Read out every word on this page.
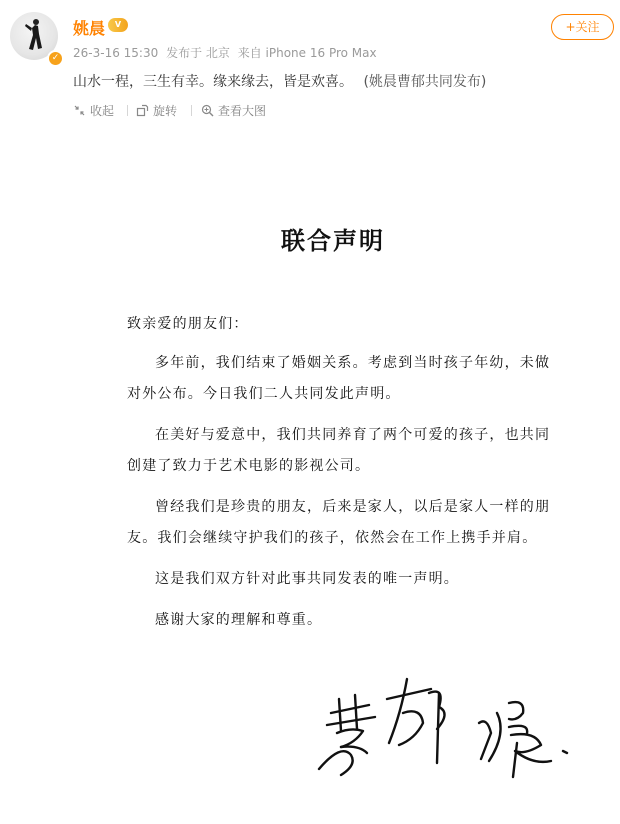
✓
姚晨	V
26-3-16 15:30 发布于 北京 来自 iPhone 16 Pro Max
+关注
山水一程，三生有幸。缘来缘去，皆是欢喜。 (姚晨曹郁共同发布)
收起	旋转	查看大图
联合声明

致亲爱的朋友们：

多年前，我们结束了婚姻关系。考虑到当时孩子年幼，未做对外公布。今日我们二人共同发此声明。

在美好与爱意中，我们共同养育了两个可爱的孩子，也共同创建了致力于艺术电影的影视公司。

曾经我们是珍贵的朋友，后来是家人，以后是家人一样的朋友。我们会继续守护我们的孩子，依然会在工作上携手并肩。

这是我们双方针对此事共同发表的唯一声明。

感谢大家的理解和尊重。
